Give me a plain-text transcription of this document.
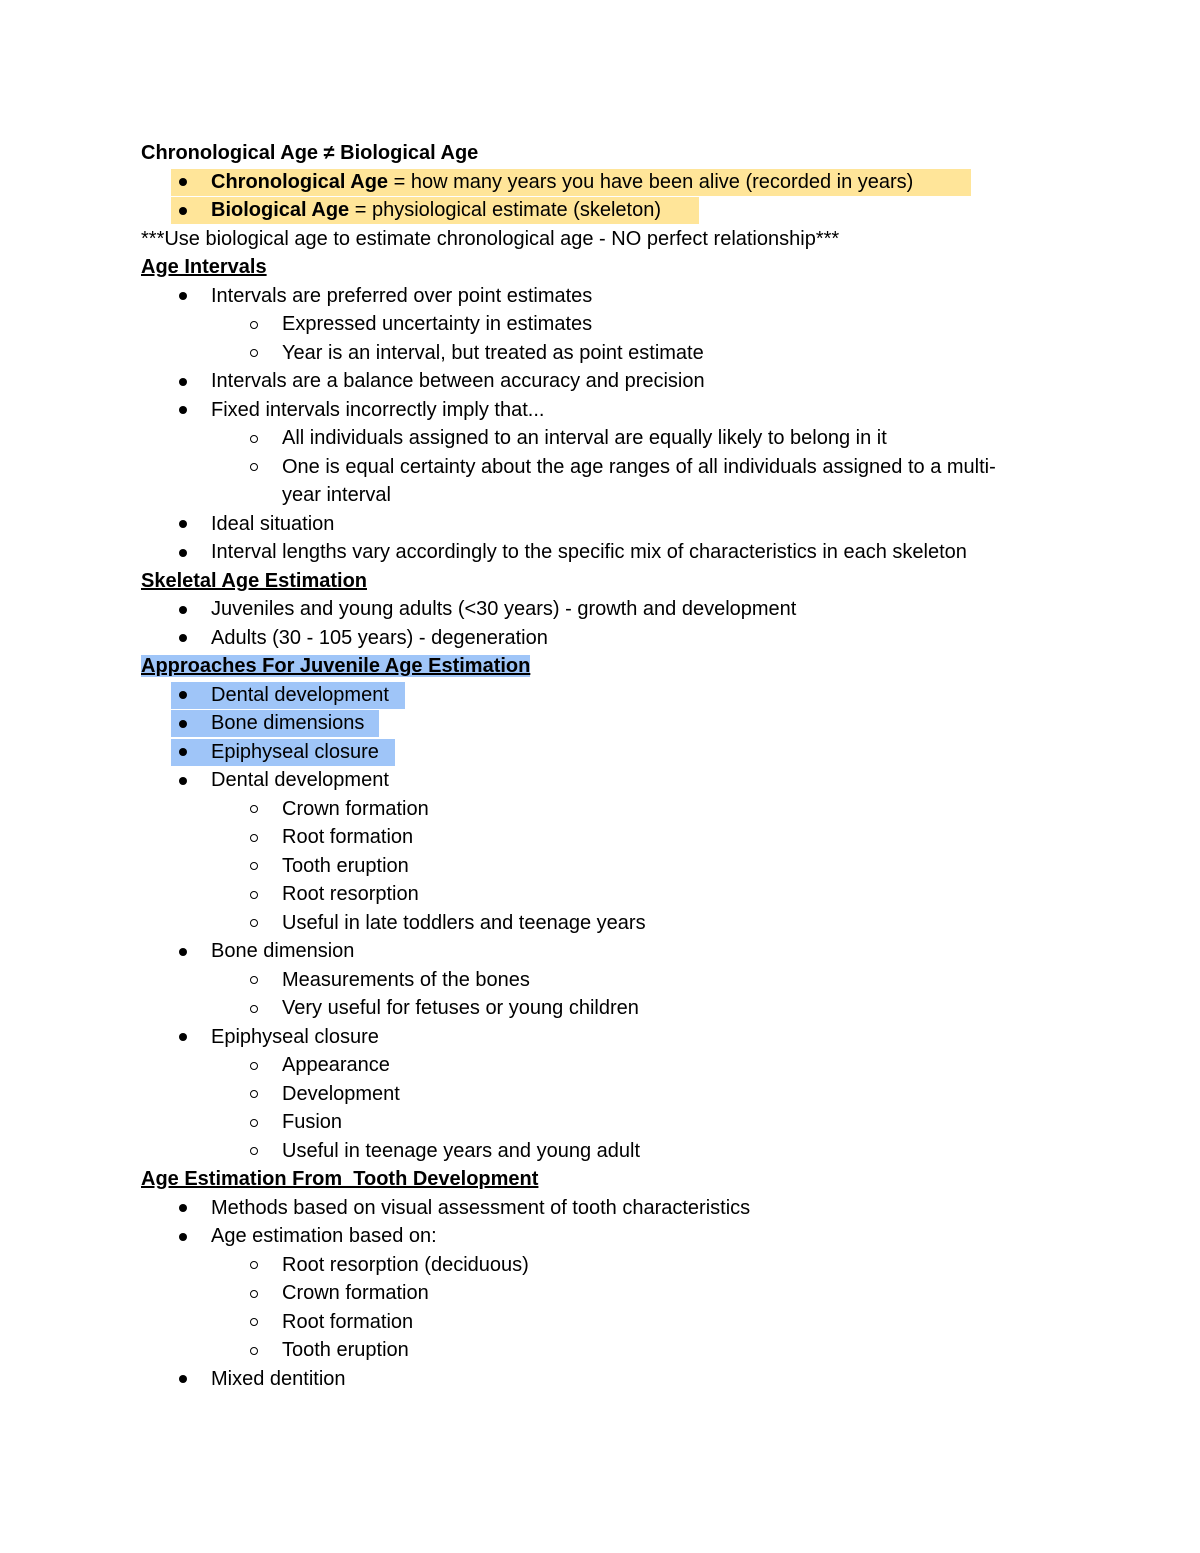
Chronological Age ≠ Biological Age
Chronological Age = how many years you have been alive (recorded in years)
Biological Age = physiological estimate (skeleton)
***Use biological age to estimate chronological age - NO perfect relationship***
Age Intervals
Intervals are preferred over point estimates
Expressed uncertainty in estimates
Year is an interval, but treated as point estimate
Intervals are a balance between accuracy and precision
Fixed intervals incorrectly imply that...
All individuals assigned to an interval are equally likely to belong in it
One is equal certainty about the age ranges of all individuals assigned to a multi-year interval
Ideal situation
Interval lengths vary accordingly to the specific mix of characteristics in each skeleton
Skeletal Age Estimation
Juveniles and young adults (<30 years) - growth and development
Adults (30 - 105 years) - degeneration
Approaches For Juvenile Age Estimation
Dental development
Bone dimensions
Epiphyseal closure
Dental development
Crown formation
Root formation
Tooth eruption
Root resorption
Useful in late toddlers and teenage years
Bone dimension
Measurements of the bones
Very useful for fetuses or young children
Epiphyseal closure
Appearance
Development
Fusion
Useful in teenage years and young adult
Age Estimation From  Tooth Development
Methods based on visual assessment of tooth characteristics
Age estimation based on:
Root resorption (deciduous)
Crown formation
Root formation
Tooth eruption
Mixed dentition
